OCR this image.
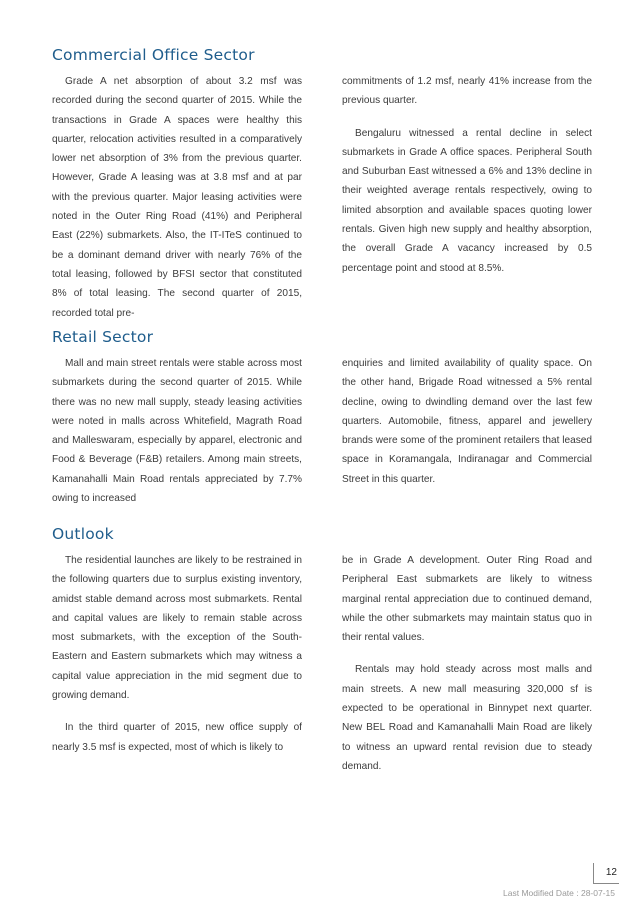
Commercial Office Sector

Grade A net absorption of about 3.2 msf was recorded during the second quarter of 2015. While the transactions in Grade A spaces were healthy this quarter, relocation activities resulted in a comparatively lower net absorption of 3% from the previous quarter. However, Grade A leasing was at 3.8 msf and at par with the previous quarter. Major leasing activities were noted in the Outer Ring Road (41%) and Peripheral East (22%) submarkets. Also, the IT-ITeS continued to be a dominant demand driver with nearly 76% of the total leasing, followed by BFSI sector that constituted 8% of total leasing. The second quarter of 2015, recorded total pre-

commitments of 1.2 msf, nearly 41% increase from the previous quarter.

Bengaluru witnessed a rental decline in select submarkets in Grade A office spaces. Peripheral South and Suburban East witnessed a 6% and 13% decline in their weighted average rentals respectively, owing to limited absorption and available spaces quoting lower rentals. Given high new supply and healthy absorption, the overall Grade A vacancy increased by 0.5 percentage point and stood at 8.5%.

Retail Sector

Mall and main street rentals were stable across most submarkets during the second quarter of 2015. While there was no new mall supply, steady leasing activities were noted in malls across Whitefield, Magrath Road and Malleswaram, especially by apparel, electronic and Food & Beverage (F&B) retailers. Among main streets, Kamanahalli Main Road rentals appreciated by 7.7% owing to increased

enquiries and limited availability of quality space. On the other hand, Brigade Road witnessed a 5% rental decline, owing to dwindling demand over the last few quarters. Automobile, fitness, apparel and jewellery brands were some of the prominent retailers that leased space in Koramangala, Indiranagar and Commercial Street in this quarter.

Outlook

The residential launches are likely to be restrained in the following quarters due to surplus existing inventory, amidst stable demand across most submarkets. Rental and capital values are likely to remain stable across most submarkets, with the exception of the South-Eastern and Eastern submarkets which may witness a capital value appreciation in the mid segment due to growing demand.

In the third quarter of 2015, new office supply of nearly 3.5 msf is expected, most of which is likely to

be in Grade A development. Outer Ring Road and Peripheral East submarkets are likely to witness marginal rental appreciation due to continued demand, while the other submarkets may maintain status quo in their rental values.

Rentals may hold steady across most malls and main streets. A new mall measuring 320,000 sf is expected to be operational in Binnypet next quarter. New BEL Road and Kamanahalli Main Road are likely to witness an upward rental revision due to steady demand.

12
Last Modified Date : 28-07-15
